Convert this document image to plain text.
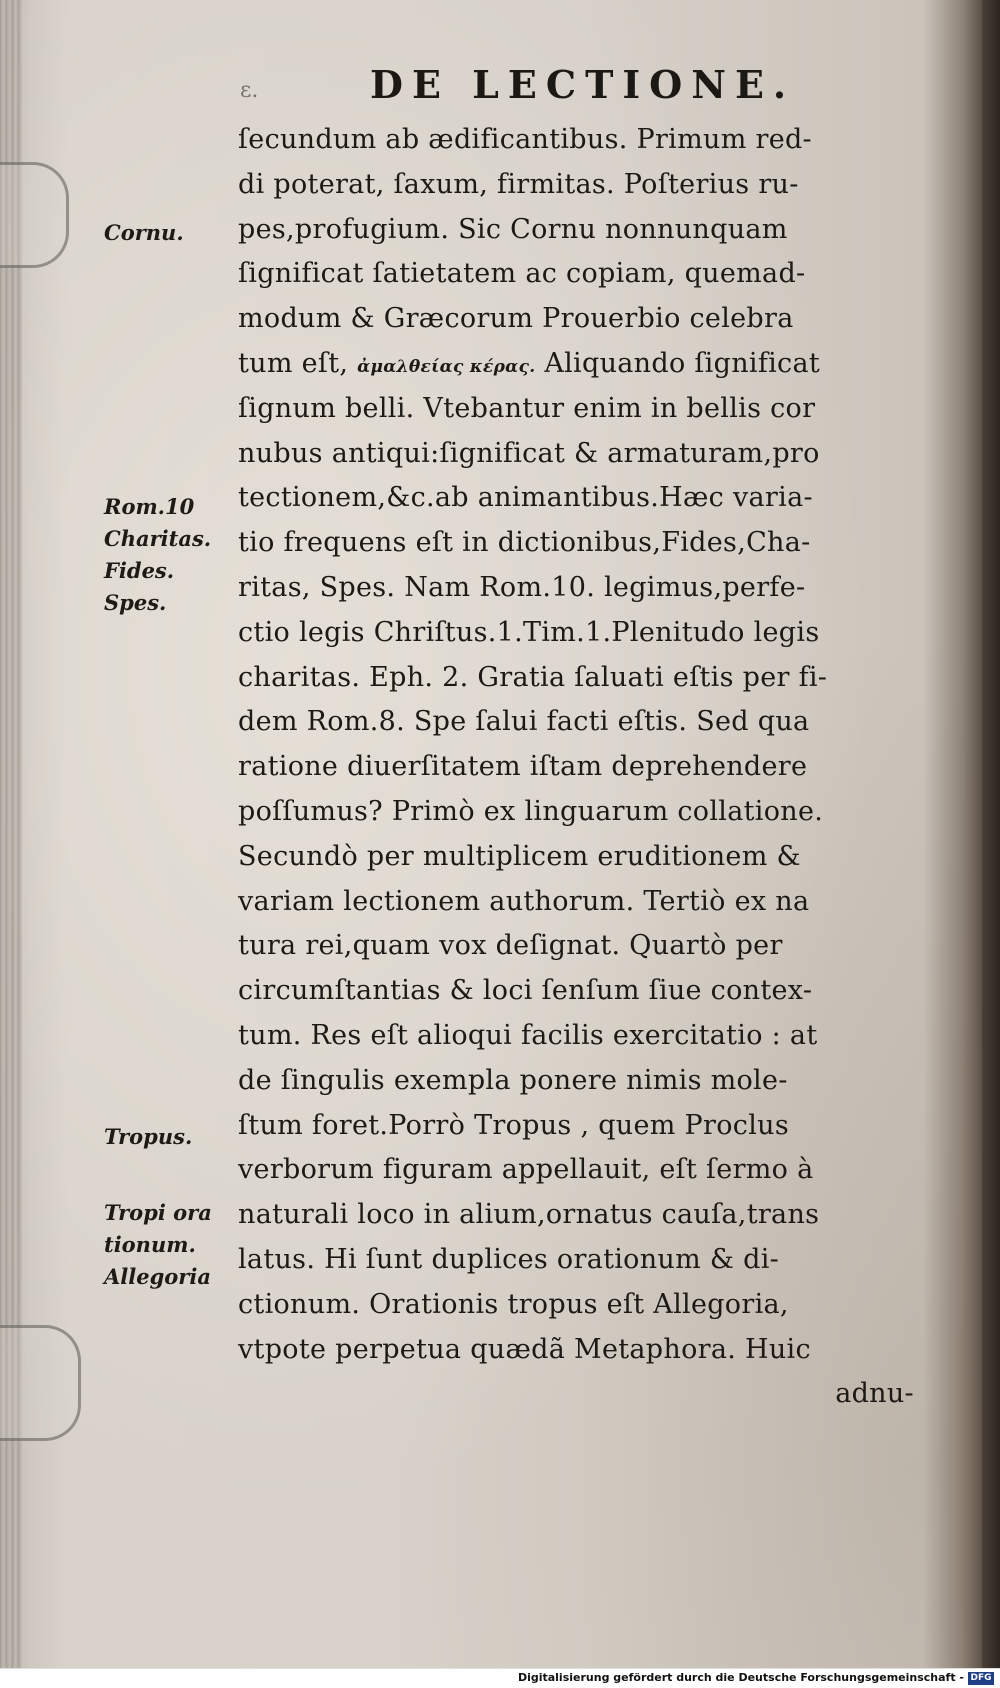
ε.	DE LECTIONE.
Cornu.
Rom.10
Charitas.
Fides.
Spes.
Tropus.
Tropi ora
tionum.
Allegoria
ſecundum ab ædificantibus. Primum red-
di poterat, ſaxum, firmitas. Poſterius ru-
pes,profugium. Sic Cornu nonnunquam
ſignificat ſatietatem ac copiam, quemad-
modum & Græcorum Prouerbio celebra
tum eſt, ἀμαλθείας κέρας. Aliquando ſignificat
ſignum belli. Vtebantur enim in bellis cor
nubus antiqui:ſignificat & armaturam,pro
tectionem,&c.ab animantibus.Hæc varia-
tio frequens eſt in dictionibus,Fides,Cha-
ritas, Spes. Nam Rom.10. legimus,perfe-
ctio legis Chriſtus.1.Tim.1.Plenitudo legis
charitas. Eph. 2. Gratia ſaluati eſtis per fi-
dem Rom.8. Spe ſalui facti eſtis. Sed qua
ratione diuerſitatem iſtam deprehendere
poſſumus? Primò ex linguarum collatione.
Secundò per multiplicem eruditionem &
variam lectionem authorum. Tertiò ex na
tura rei,quam vox deſignat. Quartò per
circumſtantias & loci ſenſum ſiue contex-
tum. Res eſt alioqui facilis exercitatio : at
de ſingulis exempla ponere nimis mole-
ſtum foret.Porrò Tropus , quem Proclus
verborum figuram appellauit, eſt ſermo à
naturali loco in alium,ornatus cauſa,trans
latus. Hi ſunt duplices orationum & di-
ctionum. Orationis tropus eſt Allegoria,
vtpote perpetua quædã Metaphora. Huic
adnu-
Digitalisierung gefördert durch die Deutsche Forschungsgemeinschaft - DFG
